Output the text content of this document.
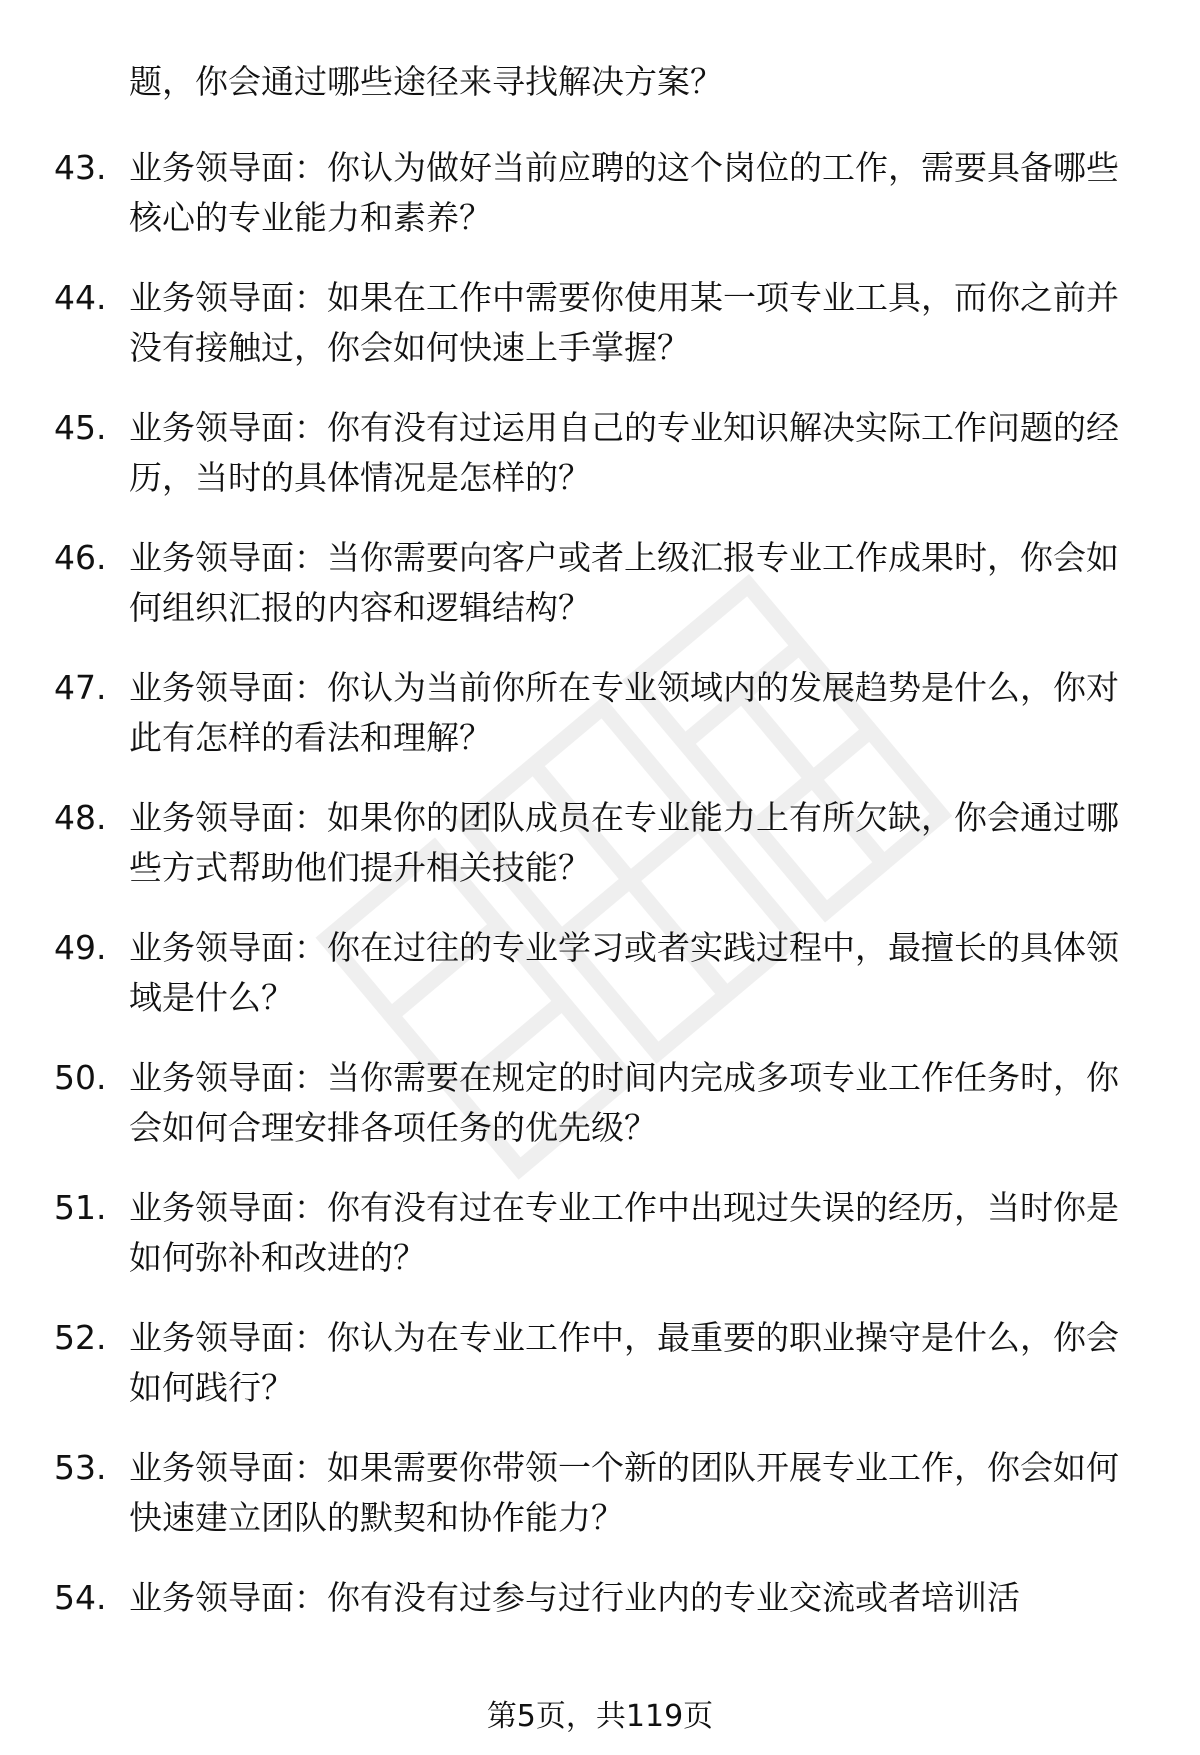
题，你会通过哪些途径来寻找解决方案？
43. 业务领导面：你认为做好当前应聘的这个岗位的工作，需要具备哪些核心的专业能力和素养？
44. 业务领导面：如果在工作中需要你使用某一项专业工具，而你之前并没有接触过，你会如何快速上手掌握？
45. 业务领导面：你有没有过运用自己的专业知识解决实际工作问题的经历，当时的具体情况是怎样的？
46. 业务领导面：当你需要向客户或者上级汇报专业工作成果时，你会如何组织汇报的内容和逻辑结构？
47. 业务领导面：你认为当前你所在专业领域内的发展趋势是什么，你对此有怎样的看法和理解？
48. 业务领导面：如果你的团队成员在专业能力上有所欠缺，你会通过哪些方式帮助他们提升相关技能？
49. 业务领导面：你在过往的专业学习或者实践过程中，最擅长的具体领域是什么？
50. 业务领导面：当你需要在规定的时间内完成多项专业工作任务时，你会如何合理安排各项任务的优先级？
51. 业务领导面：你有没有过在专业工作中出现过失误的经历，当时你是如何弥补和改进的？
52. 业务领导面：你认为在专业工作中，最重要的职业操守是什么，你会如何践行？
53. 业务领导面：如果需要你带领一个新的团队开展专业工作，你会如何快速建立团队的默契和协作能力？
54. 业务领导面：你有没有过参与过行业内的专业交流或者培训活
第5页，共119页
